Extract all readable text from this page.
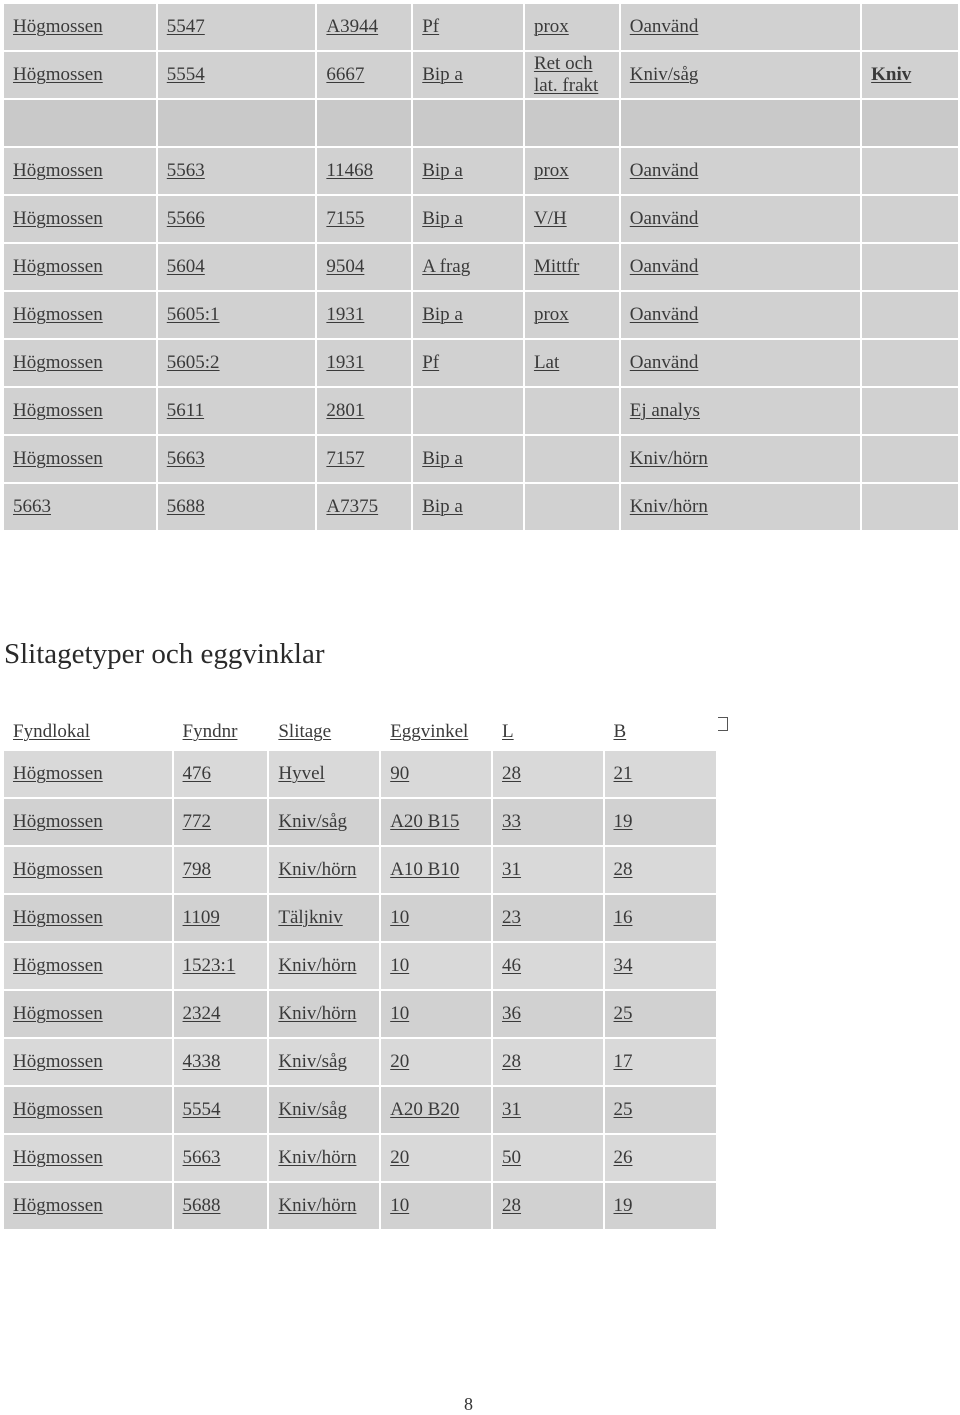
Högmossen	5547	A3944	Pf	prox	Oanvänd	
Högmossen	5554	6667	Bip a	Ret och lat. frakt	Kniv/såg	Kniv

Högmossen	5563	11468	Bip a	prox	Oanvänd	
Högmossen	5566	7155	Bip a	V/H	Oanvänd	
Högmossen	5604	9504	A frag	Mittfr	Oanvänd	
Högmossen	5605:1	1931	Bip a	prox	Oanvänd	
Högmossen	5605:2	1931	Pf	Lat	Oanvänd	
Högmossen	5611	2801			Ej analys	
Högmossen	5663	7157	Bip a		Kniv/hörn	
5663	5688	A7375	Bip a		Kniv/hörn	
Slitagetyper och eggvinklar
Fyndlokal	Fyndnr	Slitage	Eggvinkel	L	B
Högmossen	476	Hyvel	90	28	21
Högmossen	772	Kniv/såg	A20 B15	33	19
Högmossen	798	Kniv/hörn	A10 B10	31	28
Högmossen	1109	Täljkniv	10	23	16
Högmossen	1523:1	Kniv/hörn	10	46	34
Högmossen	2324	Kniv/hörn	10	36	25
Högmossen	4338	Kniv/såg	20	28	17
Högmossen	5554	Kniv/såg	A20 B20	31	25
Högmossen	5663	Kniv/hörn	20	50	26
Högmossen	5688	Kniv/hörn	10	28	19
8
